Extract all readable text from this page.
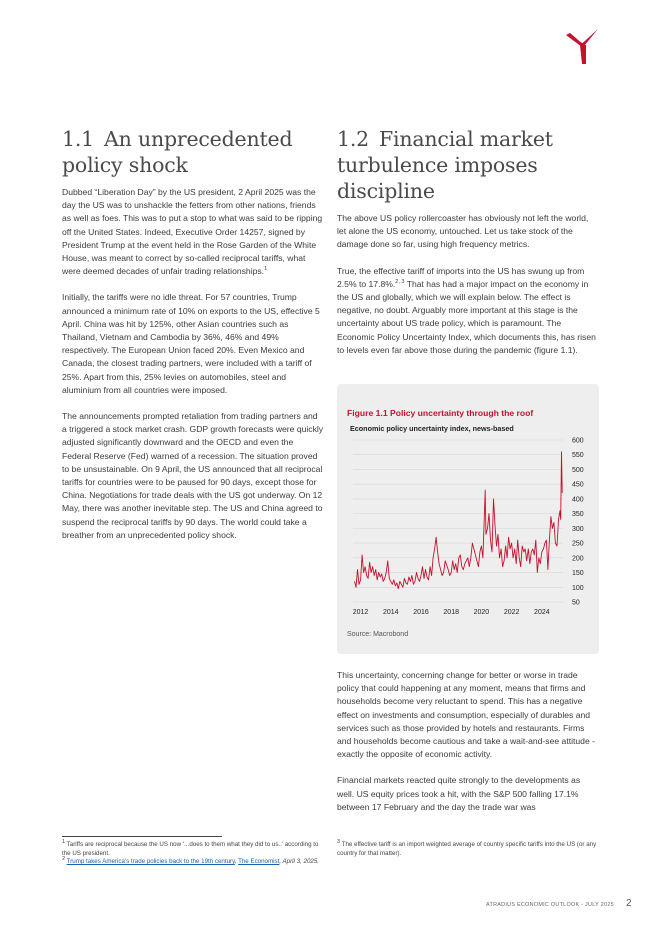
1.1 An unprecedented policy shock

Dubbed “Liberation Day” by the US president, 2 April 2025 was the day the US was to unshackle the fetters from other nations, friends as well as foes. This was to put a stop to what was said to be ripping off the United States. Indeed, Executive Order 14257, signed by President Trump at the event held in the Rose Garden of the White House, was meant to correct by so-called reciprocal tariffs, what were deemed decades of unfair trading relationships.$^1$

Initially, the tariffs were no idle threat. For 57 countries, Trump announced a minimum rate of 10% on exports to the US, effective 5 April. China was hit by 125%, other Asian countries such as Thailand, Vietnam and Cambodia by 36%, 46% and 49% respectively. The European Union faced 20%. Even Mexico and Canada, the closest trading partners, were included with a tariff of 25%. Apart from this, 25% levies on automobiles, steel and aluminium from all countries were imposed.

The announcements prompted retaliation from trading partners and a triggered a stock market crash. GDP growth forecasts were quickly adjusted significantly downward and the OECD and even the Federal Reserve (Fed) warned of a recession. The situation proved to be unsustainable. On 9 April, the US announced that all reciprocal tariffs for countries were to be paused for 90 days, except those for China. Negotiations for trade deals with the US got underway. On 12 May, there was another inevitable step. The US and China agreed to suspend the reciprocal tariffs by 90 days. The world could take a breather from an unprecedented policy shock.

1.2 Financial market turbulence imposes discipline

The above US policy rollercoaster has obviously not left the world, let alone the US economy, untouched. Let us take stock of the damage done so far, using high frequency metrics.

True, the effective tariff of imports into the US has swung up from 2.5% to 17.8%.$^{2, 3}$ That has had a major impact on the economy in the US and globally, which we will explain below. The effect is negative, no doubt. Arguably more important at this stage is the uncertainty about US trade policy, which is paramount. The Economic Policy Uncertainty Index, which documents this, has risen to levels even far above those during the pandemic (figure 1.1).

Figure 1.1 Policy uncertainty through the roof
Economic policy uncertainty index, news-based
50
100
150
200
250
300
350
400
450
500
550
600
2012 2014 2016 2018 2020 2022 2024
Source: Macrobond

This uncertainty, concerning change for better or worse in trade policy that could happening at any moment, means that firms and households become very reluctant to spend. This has a negative effect on investments and consumption, especially of durables and services such as those provided by hotels and restaurants. Firms and households become cautious and take a wait-and-see attitude - exactly the opposite of economic activity.

Financial markets reacted quite strongly to the developments as well. US equity prices took a hit, with the S&P 500 falling 17.1% between 17 February and the day the trade war was

$^1$ Tariffs are reciprocal because the US now ‘...does to them what they did to us..’ according to the US president.
$^2$ Trump takes America’s trade policies back to the 19th century, The Economist, April 3, 2025.
$^3$ The effective tariff is an import weighted average of country specific tariffs into the US (or any country for that matter).
ATRADIUS ECONOMIC OUTLOOK - JULY 2025 2
